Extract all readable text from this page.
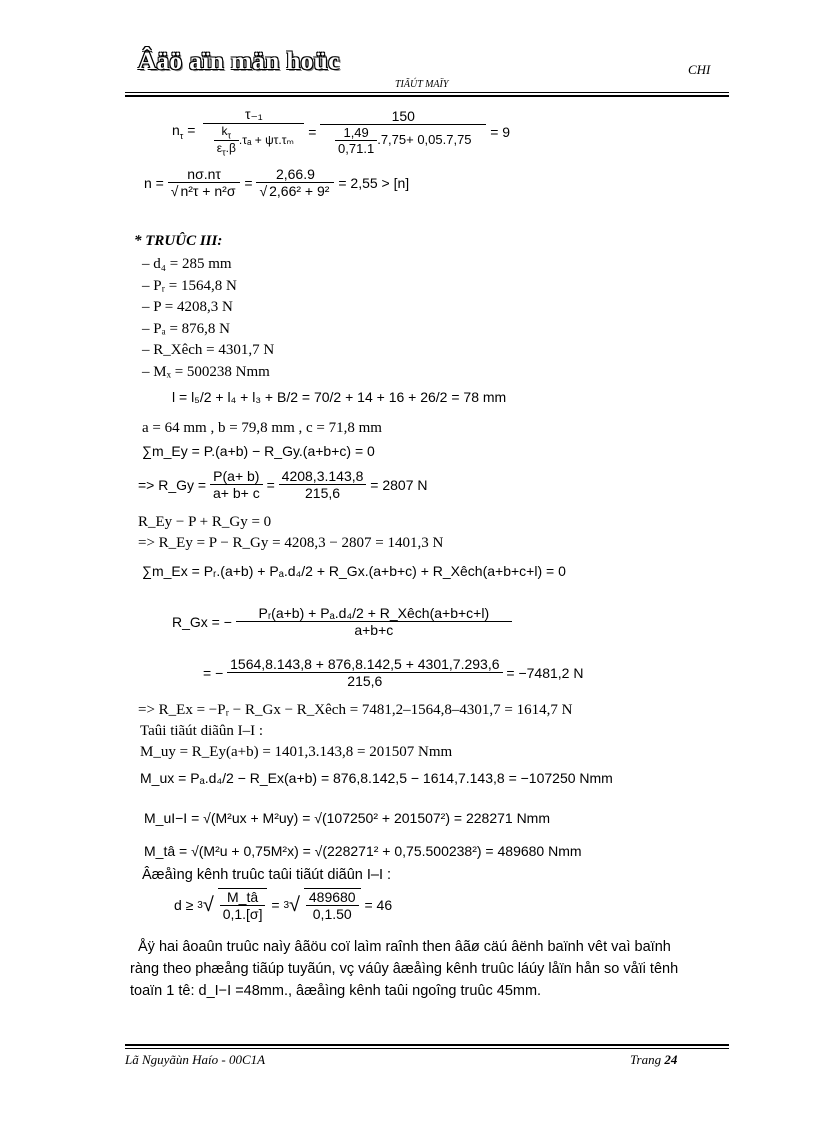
Âäö aïn män hoüc	CHI
TIÃÚT MAÏY
$n_\tau$ =
τ₋₁
$\frac{k_\tau}{\varepsilon_\tau.\beta} .\tau_a + \psi\tau.\tau_m$
= $\frac{150}{\frac{1,49}{0,71.1} .7,75+ 0,05.7,75} = 9$
$n = \frac{n\sigma.n\tau}{\text{√ n²τ + n²σ}} = \frac{2,66.9}{\text{√ 2,66² + 9²}} = 2,55 > [n]$
* TRUÛC III:
– d₄ = 285 mm
– Pᵣ = 1564,8 N
– P = 4208,3 N
– Pₐ = 876,8 N
– R_Xêch = 4301,7 N
– Mₓ = 500238 Nmm
l = l₅/2 + l₄ + l₃ + B/2 = 70/2 + 14 + 16 + 26/2 = 78 mm
a = 64 mm , b = 79,8 mm , c = 71,8 mm
∑m_Ey = P.(a+b) − R_Gy.(a+b+c) = 0
=> R_Gy = $\frac{P(a+ b)}{a+ b+ c} = \frac{4208,3.143,8}{215,6} = 2807$ N
R_Ey − P + R_Gy = 0
=> R_Ey = P − R_Gy = 4208,3 − 2807 = 1401,3 N
∑m_Ex = Pᵣ.(a+b) + Pₐ.d₄/2 + R_Gx.(a+b+c) + R_Xêch(a+b+c+l) = 0
R_Gx = −
Pᵣ(a+b) + Pₐ.d₄/2 + R_Xêch(a+b+c+l)
a+b+c
= − $\frac{1564,8.143,8 + 876,8.142,5 + 4301,7.293,6}{215,6} = -7481,2$ N
=> R_Ex = −Pᵣ − R_Gx − R_Xêch = 7481,2–1564,8–4301,7 = 1614,7 N
Taûi tiãút diãûn I–I :
M_uy = R_Ey(a+b) = 1401,3.143,8 = 201507 Nmm
M_ux = Pₐ.d₄/2 − R_Ex(a+b) = 876,8.142,5 − 1614,7.143,8 = −107250 Nmm
M_uI−I = √(M²ux + M²uy) = √(107250² + 201507²) = 228271 Nmm
M_tâ = √(M²u + 0,75M²x) = √(228271² + 0,75.500238²) = 489680 Nmm
Âæåìng kênh truûc taûi tiãút diãûn I–I :
$d \ge 3√ \frac{M\_tâ}{0,1.[\sigma]} = 3√ \frac{489680}{0,1.50} = 46$
Åÿ hai âoaûn truûc naìy âãöu coï laìm raînh then âãø cäú âënh baïnh vêt vaì baïnh
ràng theo phæång tiãúp tuyãún, vç váûy âæåìng kênh truûc láúy låïn hån so våïi tênh
toaïn 1 tê: d_I−I =48mm., âæåìng kênh taûi ngoîng truûc 45mm.
Lã Nguyãùn Haío - 00C1A	Trang 24
